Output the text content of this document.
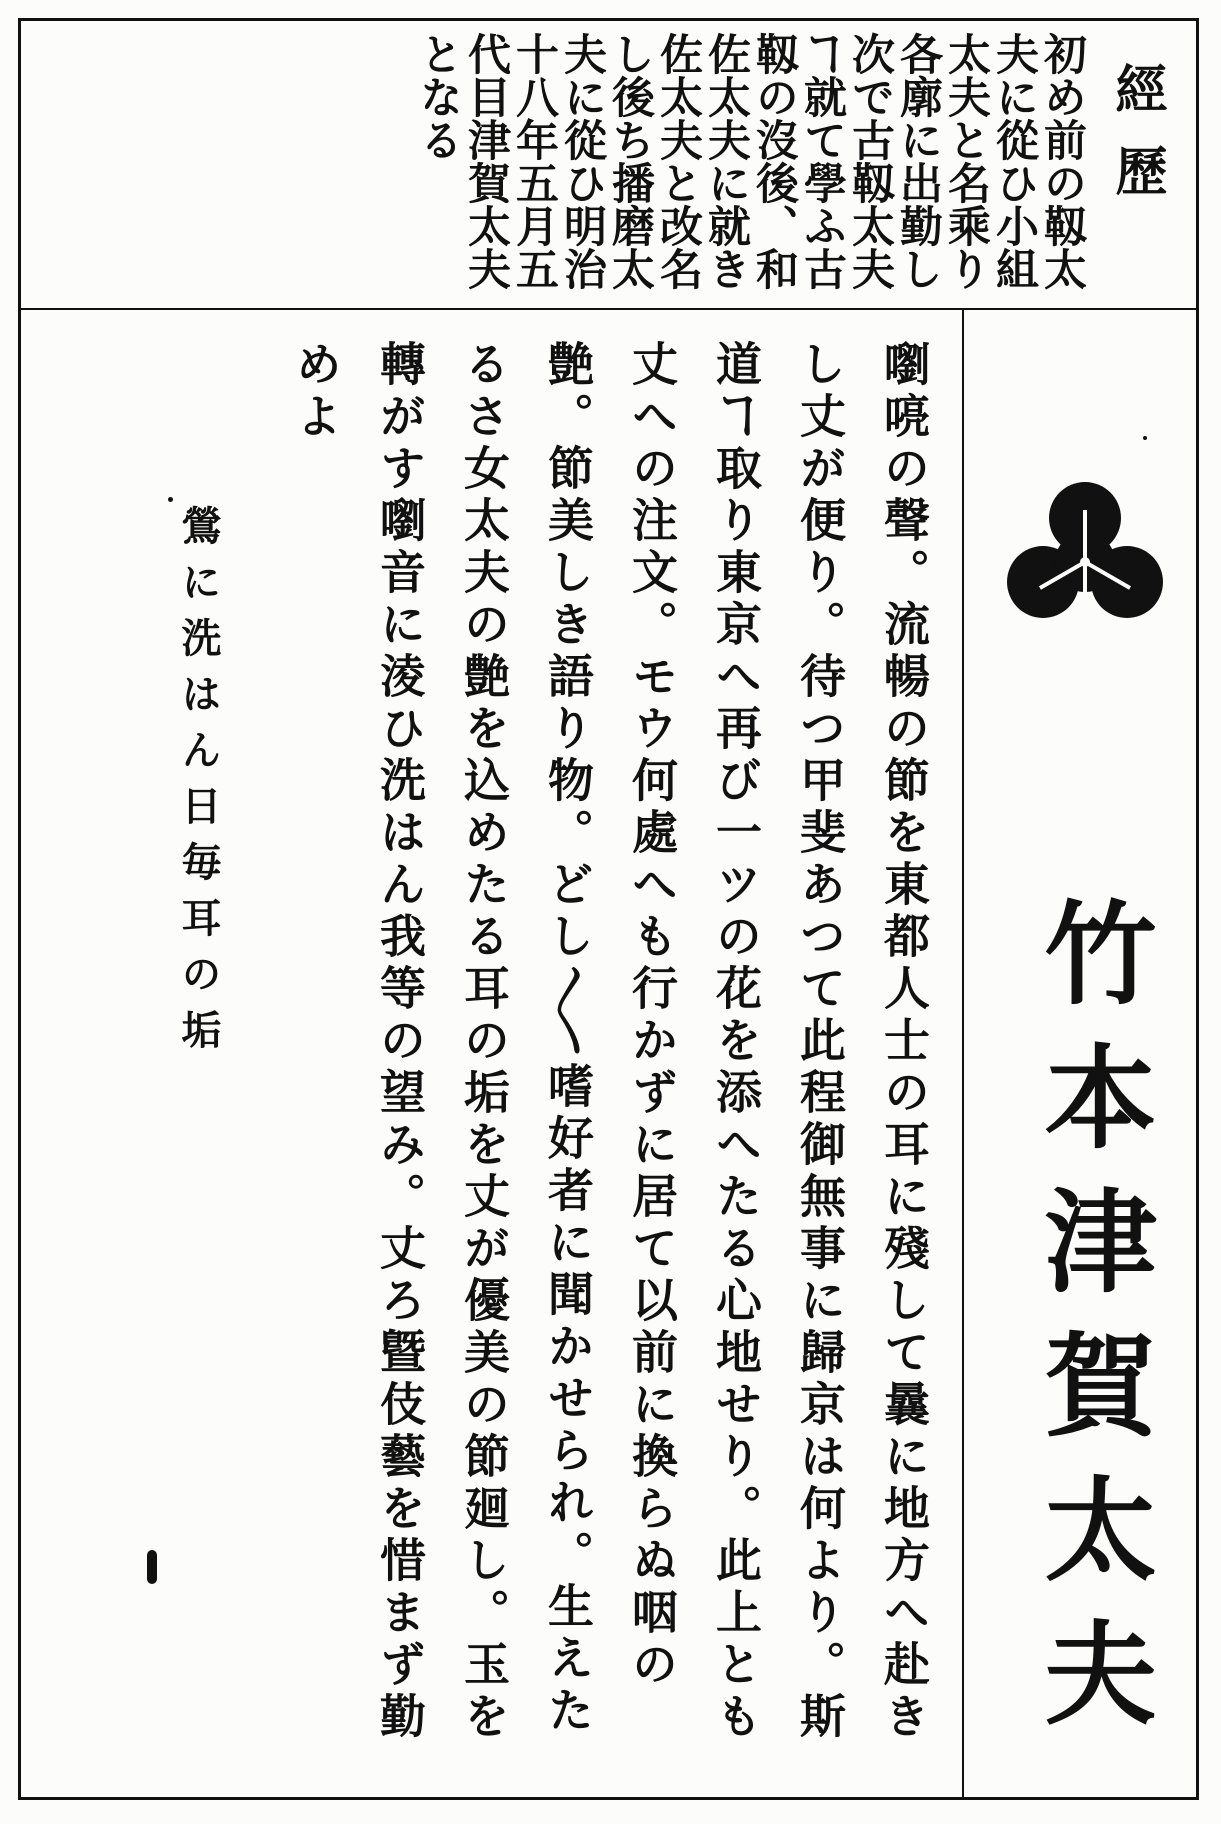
經歷

初め前の靱太夫に從ひ小組太夫と名乘り各廓に出勤し次で古靱太夫ヿ就て學ふ古靱の沒後、和佐太夫に就き佐太夫と改名し後ち播磨太夫に從ひ明治十八年五月五代目津賀太夫となる

竹本津賀太夫

嚠喨の聲。流暢の節を東都人士の耳に殘して曩に地方へ赴きし丈が便り。待つ甲斐あつて此程御無事に歸京は何より。斯道ヿ取り東京へ再び一ツの花を添へたる心地せり。此上とも丈への注文。モウ何處へも行かずに居て以前に換らぬ咽の艶。節美しき語り物。どし〳〵嗜好者に聞かせられ。生えたるさ女太夫の艶を込めたる耳の垢を丈が優美の節廻し。玉を轉がす嚠音に淩ひ洗はん我等の望み。丈ろ曁伎藝を惜まず勤めよ

鶯に洗はん日毎耳の垢
